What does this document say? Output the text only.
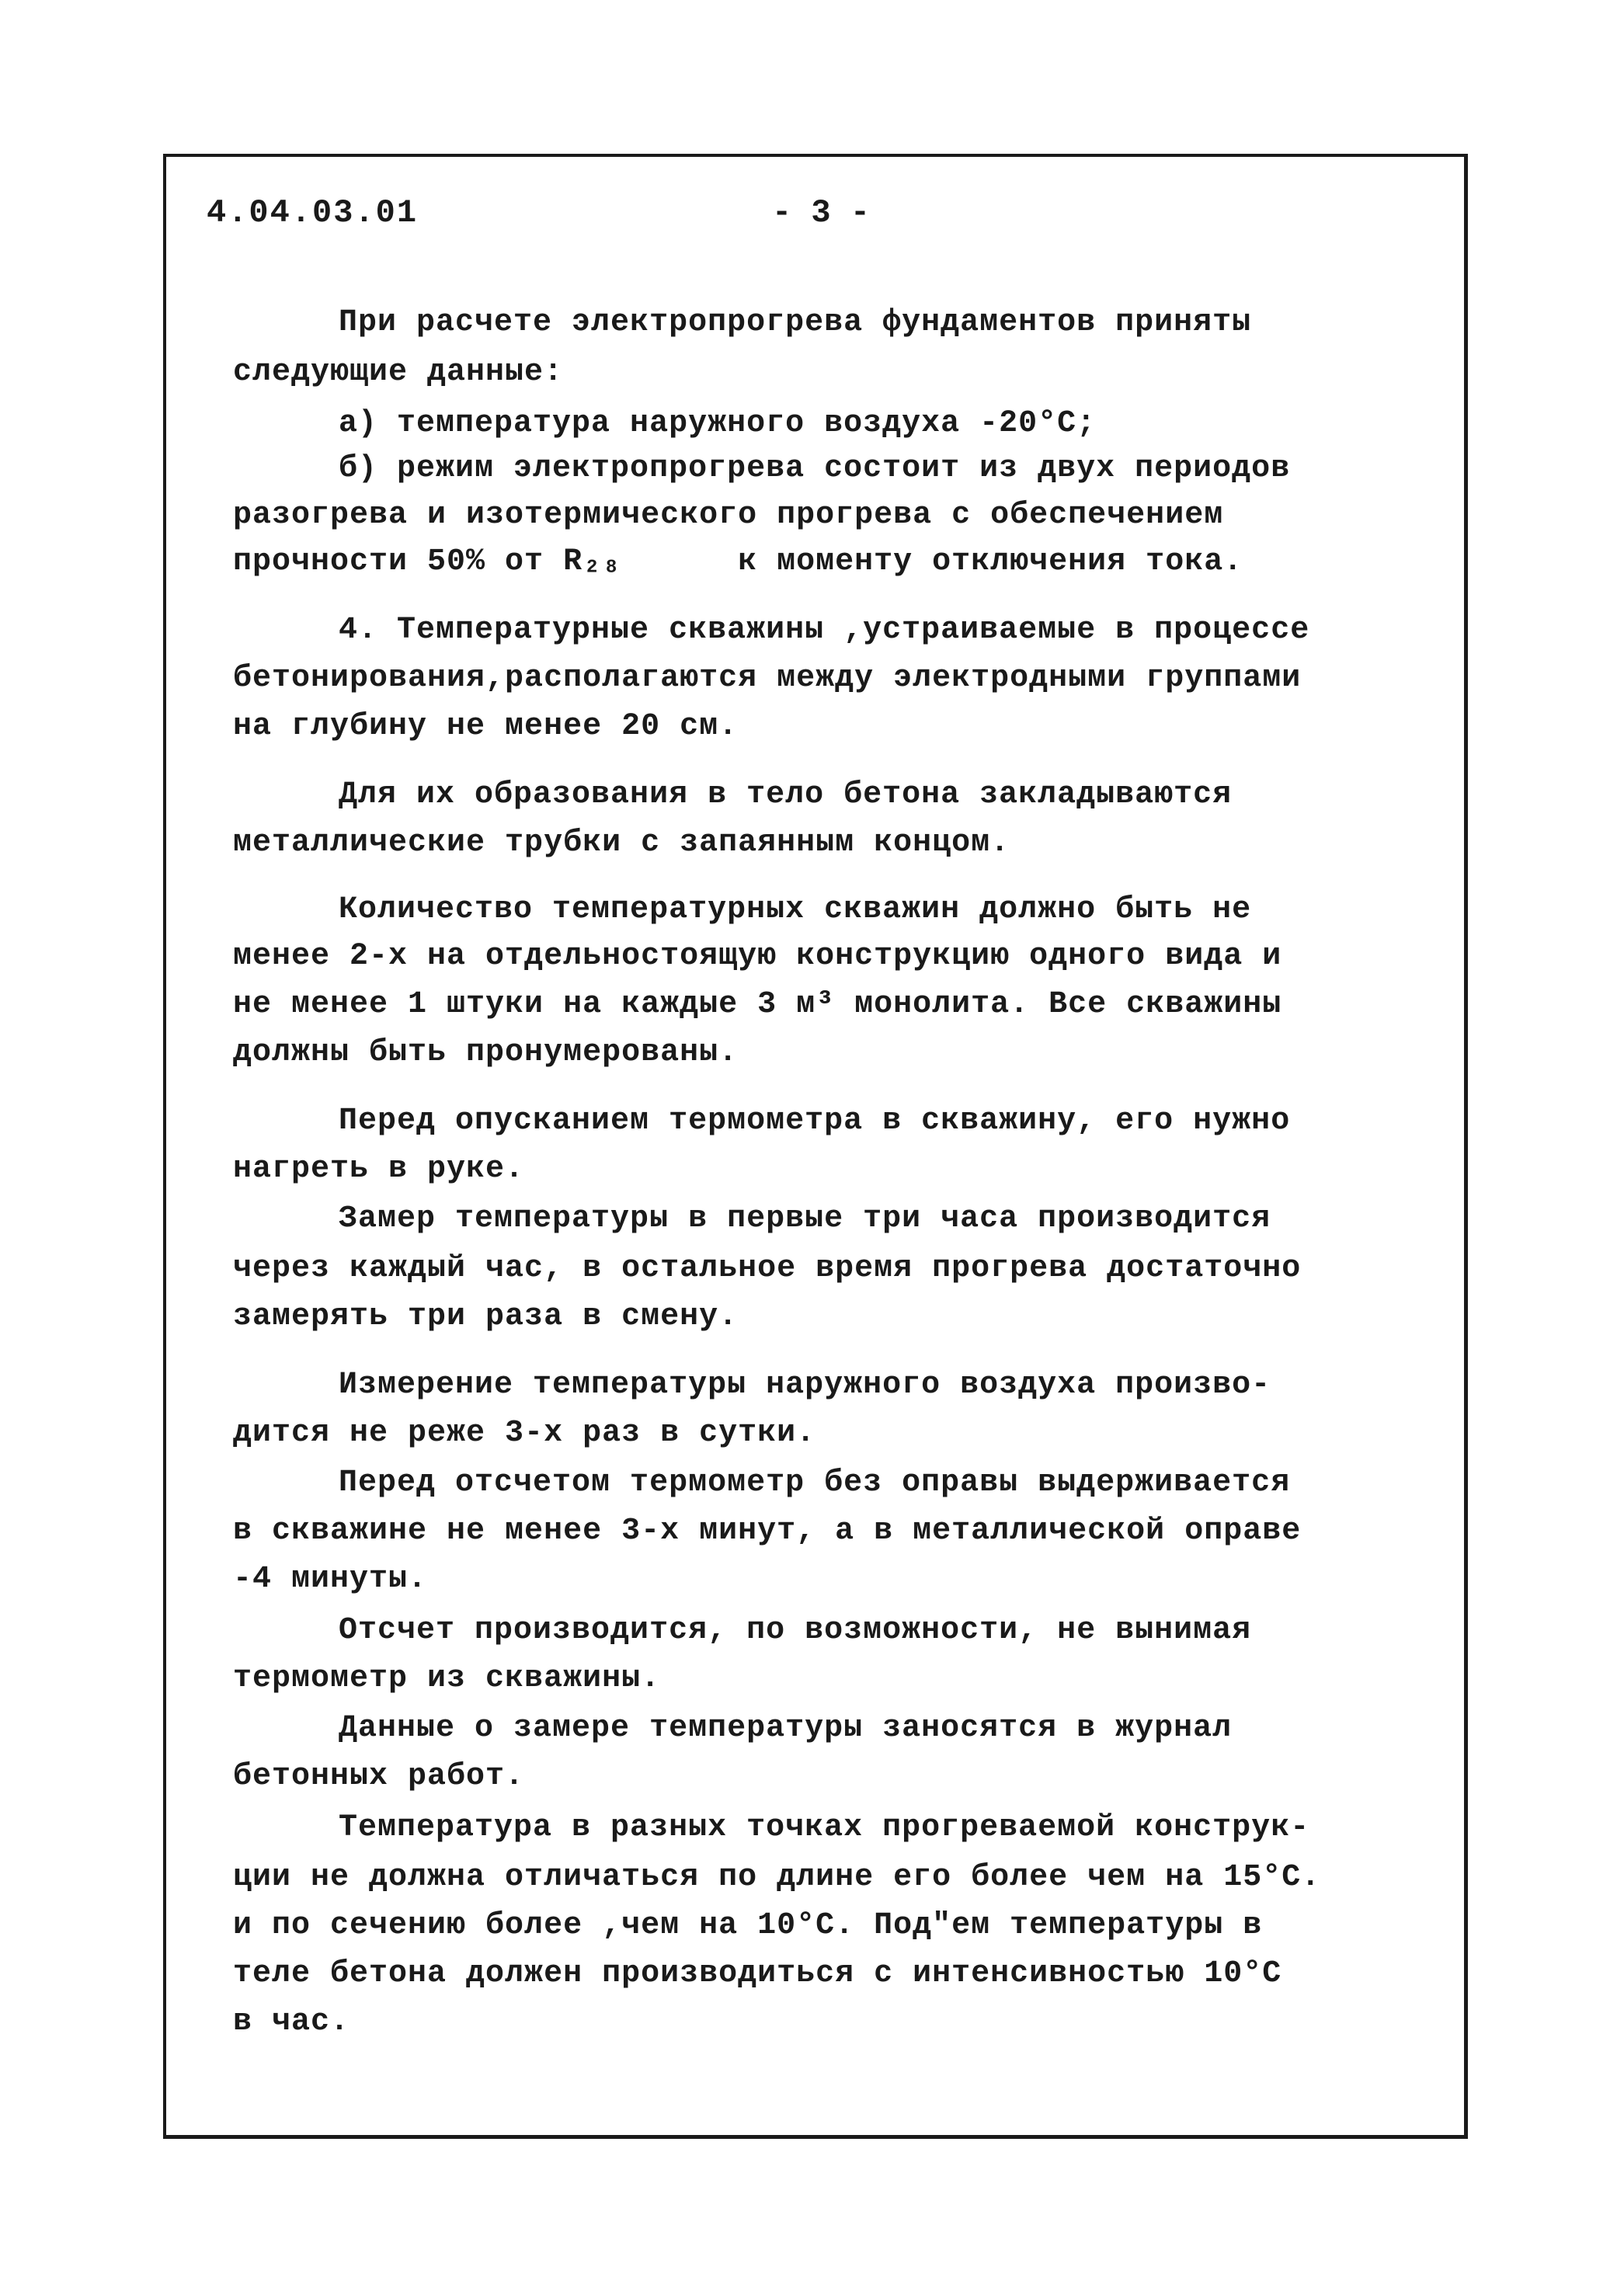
4.04.03.01	- 3 -
При расчете электропрогрева фундаментов приняты
следующие данные:
а) температура наружного воздуха -20°С;
б) режим электропрогрева состоит из двух периодов
разогрева и изотермического прогрева с обеспечением
прочности 50% от R₂₈      к моменту отключения тока.
4. Температурные скважины ,устраиваемые в процессе
бетонирования,располагаются между электродными группами
на глубину не менее 20 см.
Для их образования в тело бетона закладываются
металлические трубки с запаянным концом.
Количество температурных скважин должно быть не
менее 2-х на отдельностоящую конструкцию одного вида и
не менее 1 штуки на каждые 3 м³ монолита. Все скважины
должны быть пронумерованы.
Перед опусканием термометра в скважину, его нужно
нагреть в руке.
Замер температуры в первые три часа производится
через каждый час, в остальное время прогрева достаточно
замерять три раза в смену.
Измерение температуры наружного воздуха произво-
дится не реже 3-х раз в сутки.
Перед отсчетом термометр без оправы выдерживается
в скважине не менее 3-х минут, а в металлической оправе
-4 минуты.
Отсчет производится, по возможности, не вынимая
термометр из скважины.
Данные о замере температуры заносятся в журнал
бетонных работ.
Температура в разных точках прогреваемой конструк-
ции не должна отличаться по длине его более чем на 15°С.
и по сечению более ,чем на 10°С. Под"ем температуры в
теле бетона должен производиться с интенсивностью 10°С
в час.
